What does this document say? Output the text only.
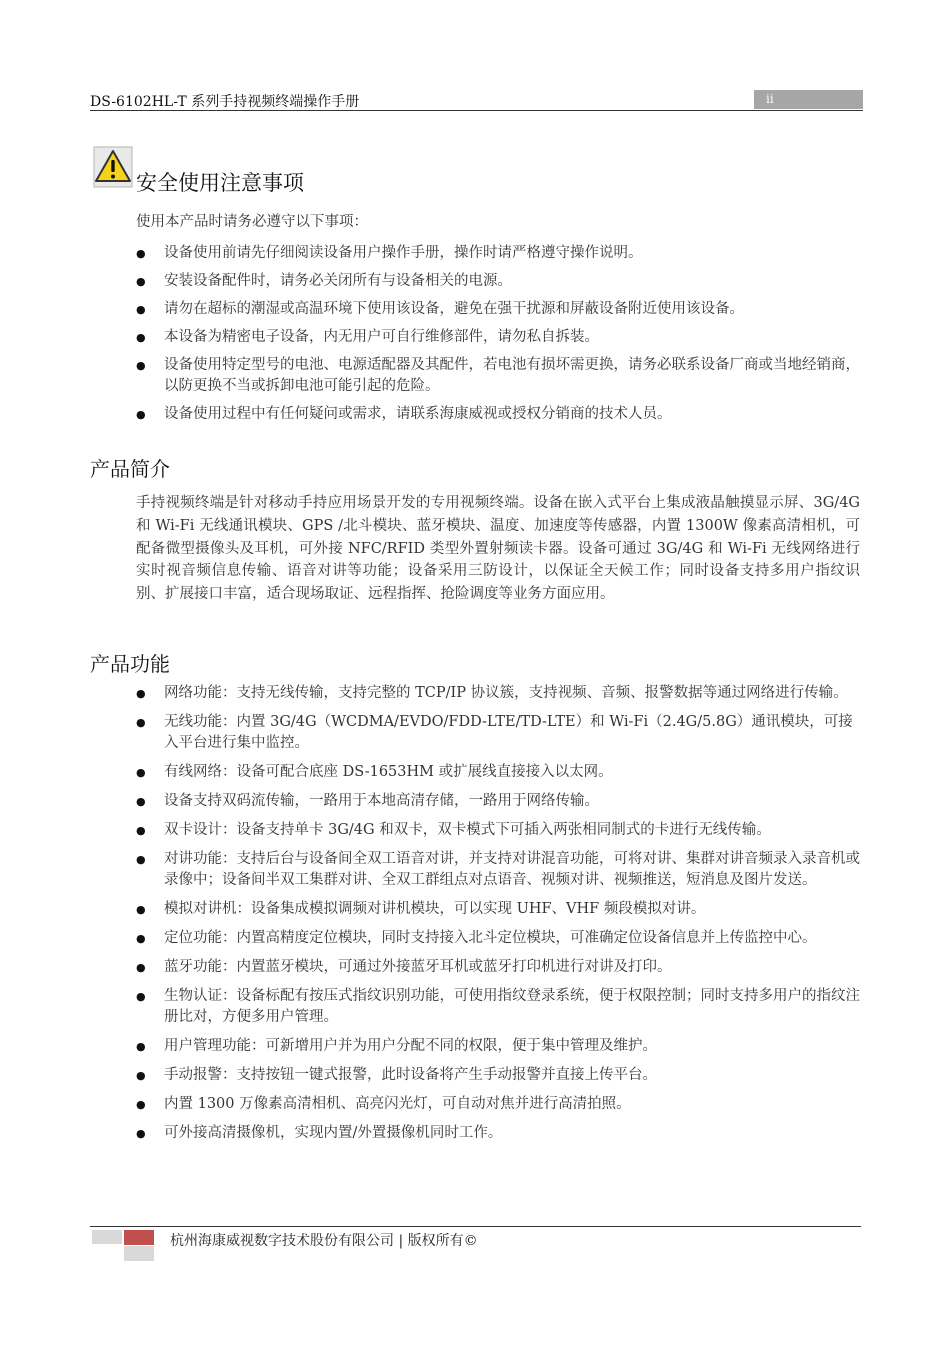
DS-6102HL-T 系列手持视频终端操作手册	ii
安全使用注意事项
使用本产品时请务必遵守以下事项：
● 设备使用前请先仔细阅读设备用户操作手册，操作时请严格遵守操作说明。
● 安装设备配件时，请务必关闭所有与设备相关的电源。
● 请勿在超标的潮湿或高温环境下使用该设备，避免在强干扰源和屏蔽设备附近使用该设备。
● 本设备为精密电子设备，内无用户可自行维修部件，请勿私自拆装。
● 设备使用特定型号的电池、电源适配器及其配件，若电池有损坏需更换，请务必联系设备厂商或当地经销商，以防更换不当或拆卸电池可能引起的危险。
● 设备使用过程中有任何疑问或需求，请联系海康威视或授权分销商的技术人员。
产品简介

手持视频终端是针对移动手持应用场景开发的专用视频终端。设备在嵌入式平台上集成液晶触摸显示屏、3G/4G 和 Wi-Fi 无线通讯模块、GPS /北斗模块、蓝牙模块、温度、加速度等传感器，内置 1300W 像素高清相机，可配备微型摄像头及耳机，可外接 NFC/RFID 类型外置射频读卡器。设备可通过 3G/4G 和 Wi-Fi 无线网络进行实时视音频信息传输、语音对讲等功能；设备采用三防设计，以保证全天候工作；同时设备支持多用户指纹识别、扩展接口丰富，适合现场取证、远程指挥、抢险调度等业务方面应用。

产品功能
● 网络功能：支持无线传输，支持完整的 TCP/IP 协议簇，支持视频、音频、报警数据等通过网络进行传输。
● 无线功能：内置 3G/4G（WCDMA/EVDO/FDD-LTE/TD-LTE）和 Wi-Fi（2.4G/5.8G）通讯模块，可接入平台进行集中监控。
● 有线网络：设备可配合底座 DS-1653HM 或扩展线直接接入以太网。
● 设备支持双码流传输，一路用于本地高清存储，一路用于网络传输。
● 双卡设计：设备支持单卡 3G/4G 和双卡，双卡模式下可插入两张相同制式的卡进行无线传输。
● 对讲功能：支持后台与设备间全双工语音对讲，并支持对讲混音功能，可将对讲、集群对讲音频录入录音机或录像中；设备间半双工集群对讲、全双工群组点对点语音、视频对讲、视频推送，短消息及图片发送。
● 模拟对讲机：设备集成模拟调频对讲机模块，可以实现 UHF、VHF 频段模拟对讲。
● 定位功能：内置高精度定位模块，同时支持接入北斗定位模块，可准确定位设备信息并上传监控中心。
● 蓝牙功能：内置蓝牙模块，可通过外接蓝牙耳机或蓝牙打印机进行对讲及打印。
● 生物认证：设备标配有按压式指纹识别功能，可使用指纹登录系统，便于权限控制；同时支持多用户的指纹注册比对，方便多用户管理。
● 用户管理功能：可新增用户并为用户分配不同的权限，便于集中管理及维护。
● 手动报警：支持按钮一键式报警，此时设备将产生手动报警并直接上传平台。
● 内置 1300 万像素高清相机、高亮闪光灯，可自动对焦并进行高清拍照。
● 可外接高清摄像机，实现内置/外置摄像机同时工作。
杭州海康威视数字技术股份有限公司 | 版权所有©
